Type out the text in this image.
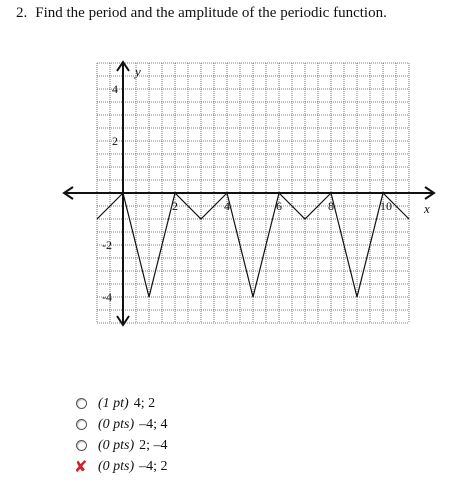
2. Find the period and the amplitude of the periodic function.
x
y
2	4	6	8	10
4
2
-2
-4
(1 pt) 4; 2
(0 pts) –4; 4
(0 pts) 2; –4
✘ (0 pts) –4; 2
